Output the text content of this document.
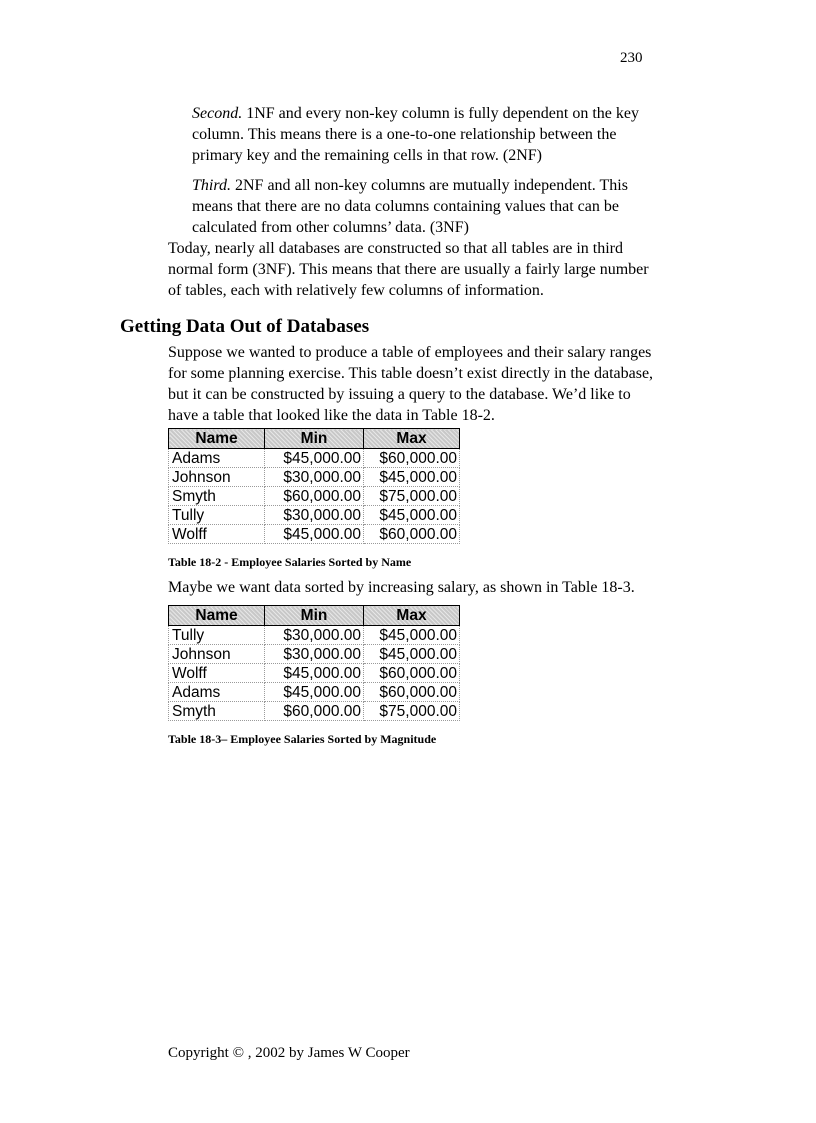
230

Second. 1NF and every non-key column is fully dependent on the key column. This means there is a one-to-one relationship between the primary key and the remaining cells in that row. (2NF)

Third. 2NF and all non-key columns are mutually independent. This means that there are no data columns containing values that can be calculated from other columns’ data. (3NF)

Today, nearly all databases are constructed so that all tables are in third normal form (3NF). This means that there are usually a fairly large number of tables, each with relatively few columns of information.

Getting Data Out of Databases

Suppose we wanted to produce a table of employees and their salary ranges for some planning exercise. This table doesn’t exist directly in the database, but it can be constructed by issuing a query to the database. We’d like to have a table that looked like the data in Table 18-2.

Name	Min	Max
Adams	$45,000.00	$60,000.00
Johnson	$30,000.00	$45,000.00
Smyth	$60,000.00	$75,000.00
Tully	$30,000.00	$45,000.00
Wolff	$45,000.00	$60,000.00

Table 18-2 - Employee Salaries Sorted by Name

Maybe we want data sorted by increasing salary, as shown in Table 18-3.

Name	Min	Max
Tully	$30,000.00	$45,000.00
Johnson	$30,000.00	$45,000.00
Wolff	$45,000.00	$60,000.00
Adams	$45,000.00	$60,000.00
Smyth	$60,000.00	$75,000.00

Table 18-3– Employee Salaries Sorted by Magnitude

Copyright © , 2002 by James W Cooper
